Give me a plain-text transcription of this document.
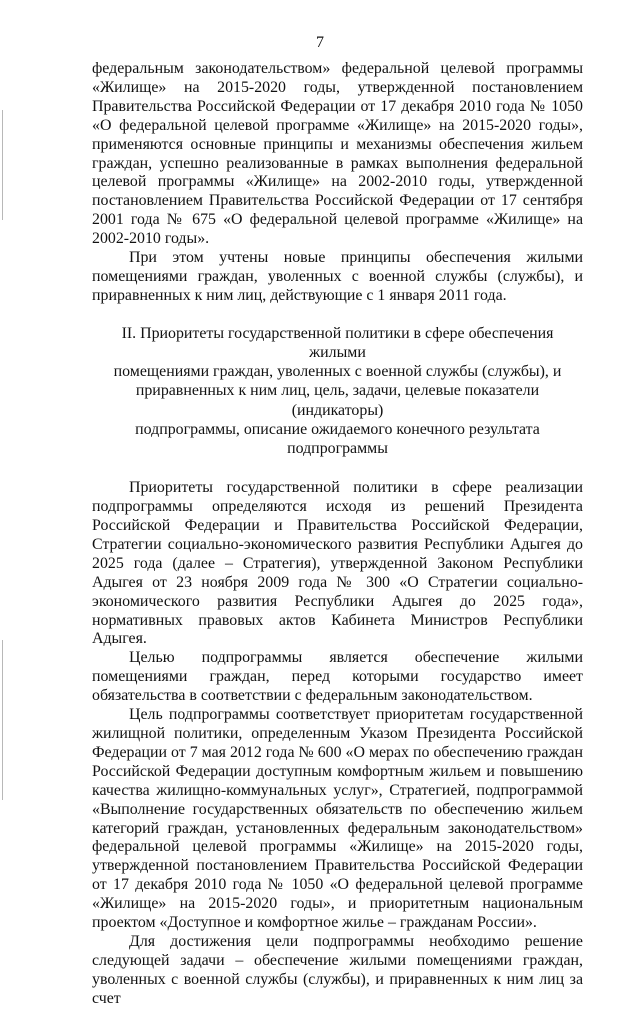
7

федеральным законодательством» федеральной целевой программы «Жилище» на 2015-2020 годы, утвержденной постановлением Правительства Российской Федерации от 17 декабря 2010 года № 1050 «О федеральной целевой программе «Жилище» на 2015-2020 годы», применяются основные принципы и механизмы обеспечения жильем граждан, успешно реализованные в рамках выполнения федеральной целевой программы «Жилище» на 2002-2010 годы, утвержденной постановлением Правительства Российской Федерации от 17 сентября 2001 года № 675 «О федеральной целевой программе «Жилище» на 2002-2010 годы».

При этом учтены новые принципы обеспечения жилыми помещениями граждан, уволенных с военной службы (службы), и приравненных к ним лиц, действующие с 1 января 2011 года.

II. Приоритеты государственной политики в сфере обеспечения жилыми
помещениями граждан, уволенных с военной службы (службы), и
приравненных к ним лиц, цель, задачи, целевые показатели (индикаторы)
подпрограммы, описание ожидаемого конечного результата подпрограммы

Приоритеты государственной политики в сфере реализации подпрограммы определяются исходя из решений Президента Российской Федерации и Правительства Российской Федерации, Стратегии социально-экономического развития Республики Адыгея до 2025 года (далее – Стратегия), утвержденной Законом Республики Адыгея от 23 ноября 2009 года № 300 «О Стратегии социально-экономического развития Республики Адыгея до 2025 года», нормативных правовых актов Кабинета Министров Республики Адыгея.

Целью подпрограммы является обеспечение жилыми помещениями граждан, перед которыми государство имеет обязательства в соответствии с федеральным законодательством.

Цель подпрограммы соответствует приоритетам государственной жилищной политики, определенным Указом Президента Российской Федерации от 7 мая 2012 года № 600 «О мерах по обеспечению граждан Российской Федерации доступным комфортным жильем и повышению качества жилищно-коммунальных услуг», Стратегией, подпрограммой «Выполнение государственных обязательств по обеспечению жильем категорий граждан, установленных федеральным законодательством» федеральной целевой программы «Жилище» на 2015-2020 годы, утвержденной постановлением Правительства Российской Федерации от 17 декабря 2010 года № 1050 «О федеральной целевой программе «Жилище» на 2015-2020 годы», и приоритетным национальным проектом «Доступное и комфортное жилье – гражданам России».

Для достижения цели подпрограммы необходимо решение следующей задачи – обеспечение жилыми помещениями граждан, уволенных с военной службы (службы), и приравненных к ним лиц за счет
